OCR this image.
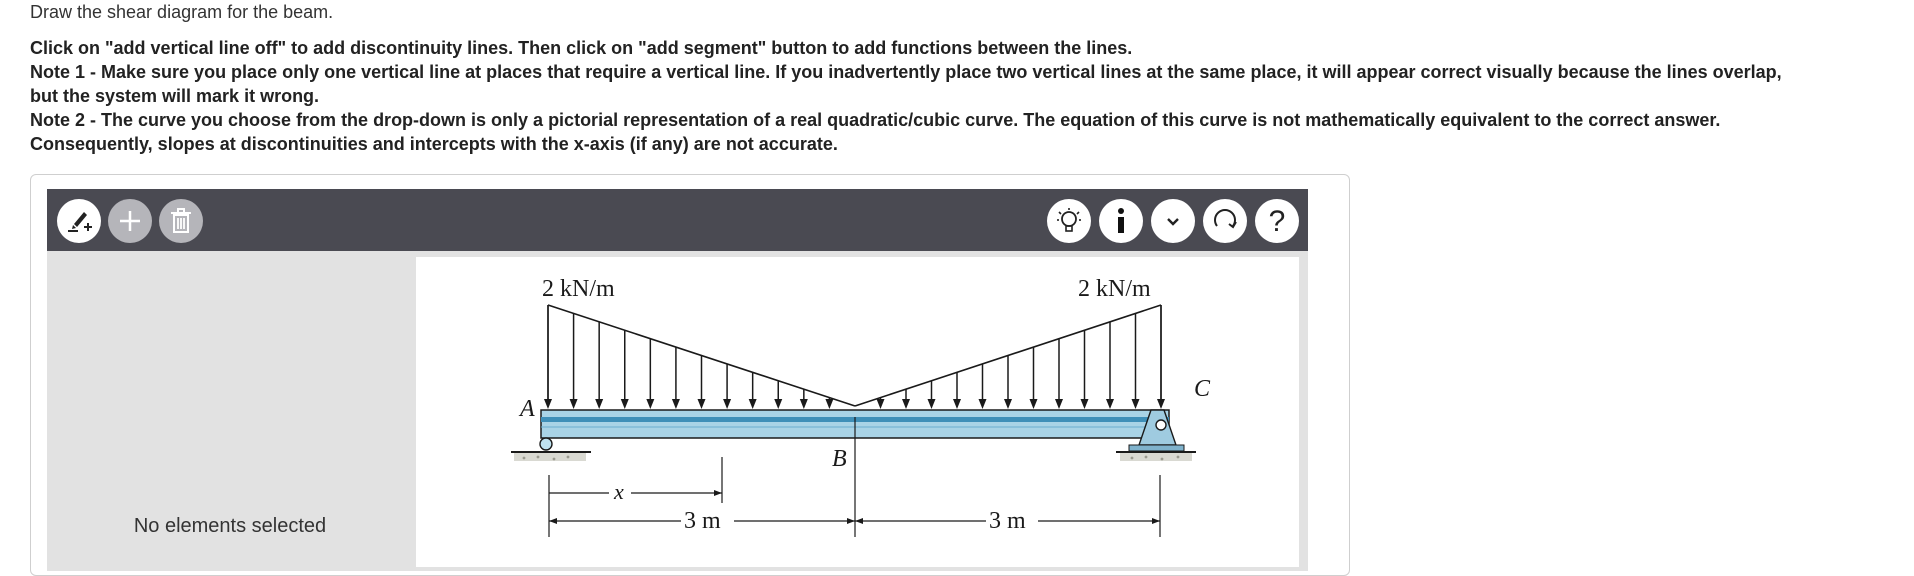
Draw the shear diagram for the beam.

Click on "add vertical line off" to add discontinuity lines. Then click on "add segment" button to add functions between the lines.
Note 1 - Make sure you place only one vertical line at places that require a vertical line. If you inadvertently place two vertical lines at the same place, it will appear correct visually because the lines overlap,
but the system will mark it wrong.
Note 2 - The curve you choose from the drop-down is only a pictorial representation of a real quadratic/cubic curve. The equation of this curve is not mathematically equivalent to the correct answer.
Consequently, slopes at discontinuities and intercepts with the x-axis (if any) are not accurate.
?
No elements selected
2 kN/m	2 kN/m
A
B
C
x
3 m	3 m
